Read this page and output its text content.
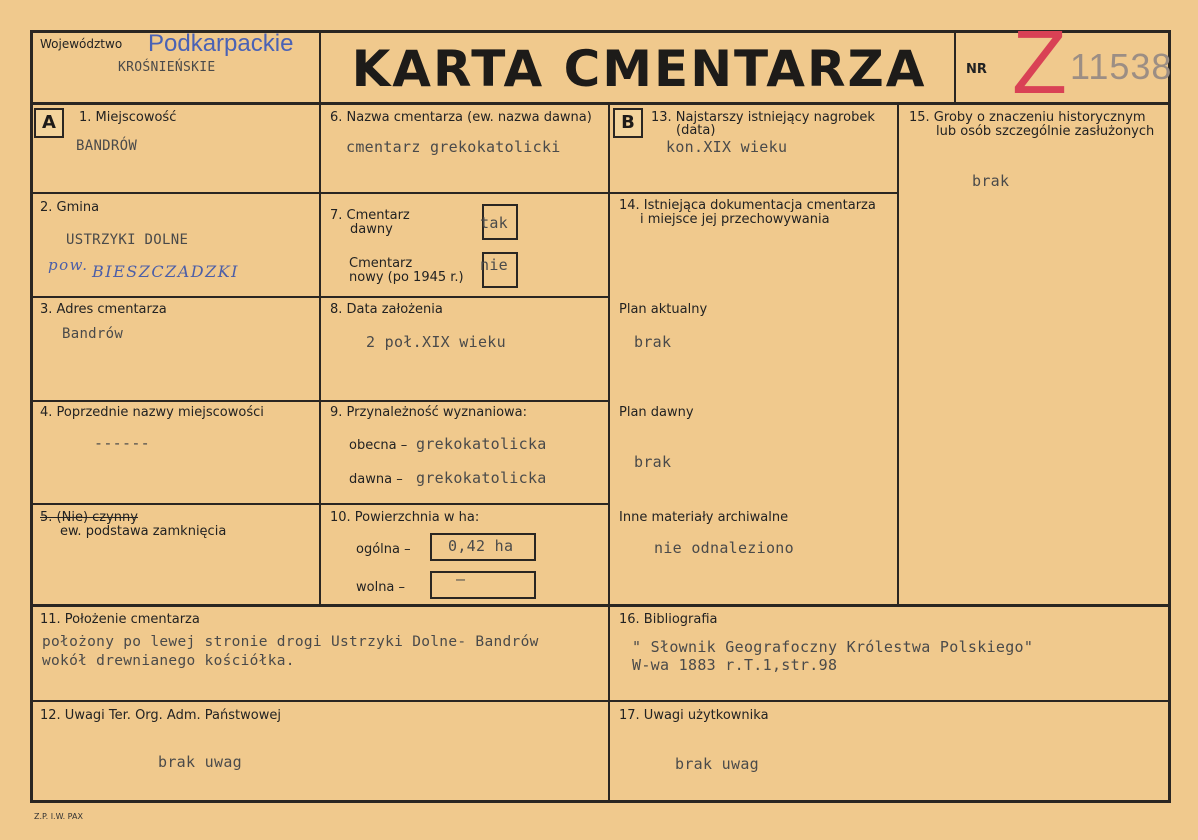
Województwo Podkarpackie
KROŚNIEŃSKIE	KARTA CMENTARZA	NR Z 11538
A	B
1. Miejscowość
BANDRÓW
2. Gmina
USTRZYKI DOLNE
pow. BIESZCZADZKI
3. Adres cmentarza
Bandrów
4. Poprzednie nazwy miejscowości
------
5. (Nie) czynny
ew. podstawa zamknięcia
6. Nazwa cmentarza (ew. nazwa dawna)
cmentarz grekokatolicki
7. Cmentarz
dawny	tak
Cmentarz
nowy (po 1945 r.)
nie
8. Data założenia
2 poł.XIX wieku
9. Przynależność wyznaniowa:
obecna – grekokatolicka
dawna – grekokatolicka
10. Powierzchnia w ha:
ogólna – 0,42 ha
wolna –	–
13. Najstarszy istniejący nagrobek
(data)
kon.XIX wieku
14. Istniejąca dokumentacja cmentarza
i miejsce jej przechowywania
Plan aktualny
brak
Plan dawny
brak
Inne materiały archiwalne
nie odnaleziono
15. Groby o znaczeniu historycznym
lub osób szczególnie zasłużonych
brak
11. Położenie cmentarza
położony po lewej stronie drogi Ustrzyki Dolne- Bandrów
wokół drewnianego kościółka.
16. Bibliografia
" Słownik Geograf​oczny Królestwa Polskiego"
W-wa 1883 r.T.1,str.98
12. Uwagi Ter. Org. Adm. Państwowej
brak uwag
17. Uwagi użytkownika
brak uwag
Z.P. I.W. PAX
